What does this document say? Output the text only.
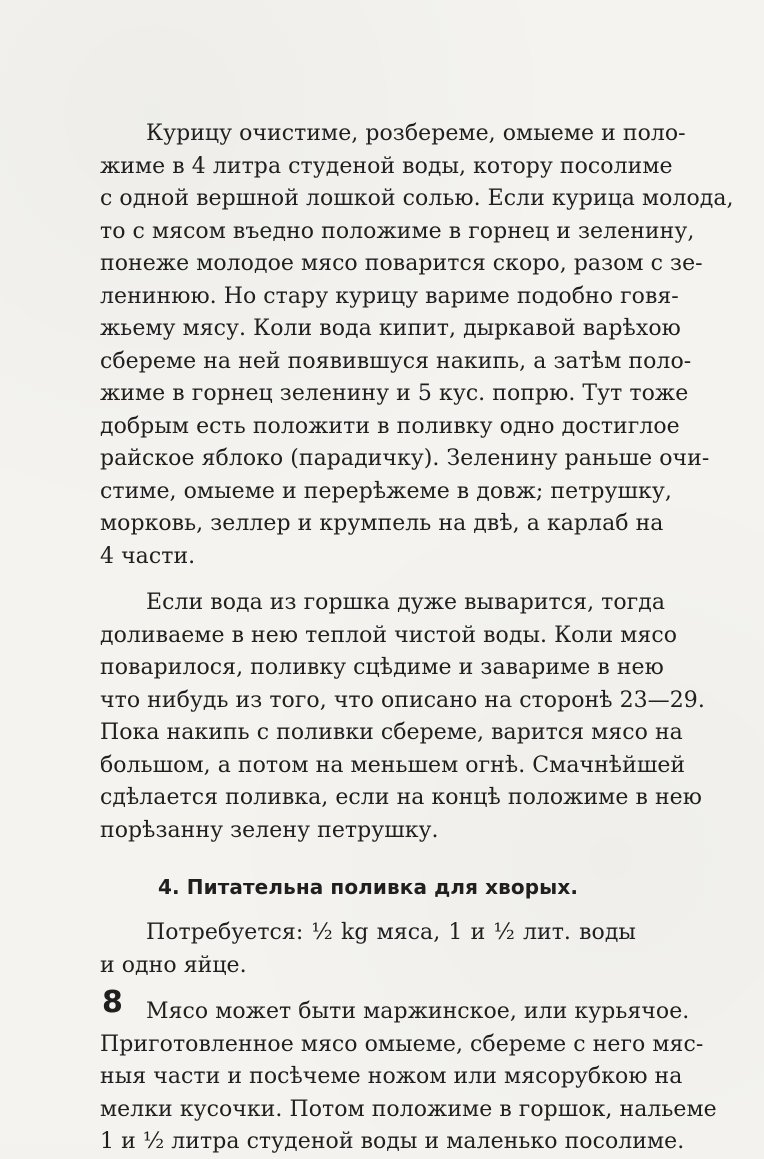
Курицу очистиме, розбереме, омыеме и поло-
жиме в 4 литра студеной воды, котору посолиме
с одной вершной лошкой солью. Если курица молода,
то с мясом въедно положиме в горнец и зеленину,
понеже молодое мясо поварится скоро, разом с зе-
ленинюю. Но стару курицу вариме подобно говя-
жьему мясу. Коли вода кипит, дыркавой варѣхою
сбереме на ней появившуся накипь, а затѣм поло-
жиме в горнец зеленину и 5 кус. попрю. Тут тоже
добрым есть положити в поливку одно достиглое
райское яблоко (парадичку). Зеленину раньше очи-
стиме, омыеме и перерѣжеме в довж; петрушку,
морковь, зеллер и крумпель на двѣ, а карлаб на
4 части.
Если вода из горшка дуже выварится, тогда
доливаеме в нею теплой чистой воды. Коли мясо
поварилося, поливку сцѣдиме и завариме в нею
что нибудь из того, что описано на сторонѣ 23—29.
Пока накипь с поливки сбереме, варится мясо на
большом, а потом на меньшем огнѣ. Смачнѣйшей
сдѣлается поливка, если на концѣ положиме в нею
порѣзанну зелену петрушку.
4. Питательна поливка для хворых.
Потребуется: ½ kg мяса, 1 и ½ лит. воды
и одно яйце.
Мясо может быти маржинское, или курьячое.
Приготовленное мясо омыеме, сбереме с него мяс-
ныя части и посѣчеме ножом или мясорубкою на
мелки кусочки. Потом положиме в горшок, нальеме
1 и ½ литра студеной воды и маленько посолиме.
8
